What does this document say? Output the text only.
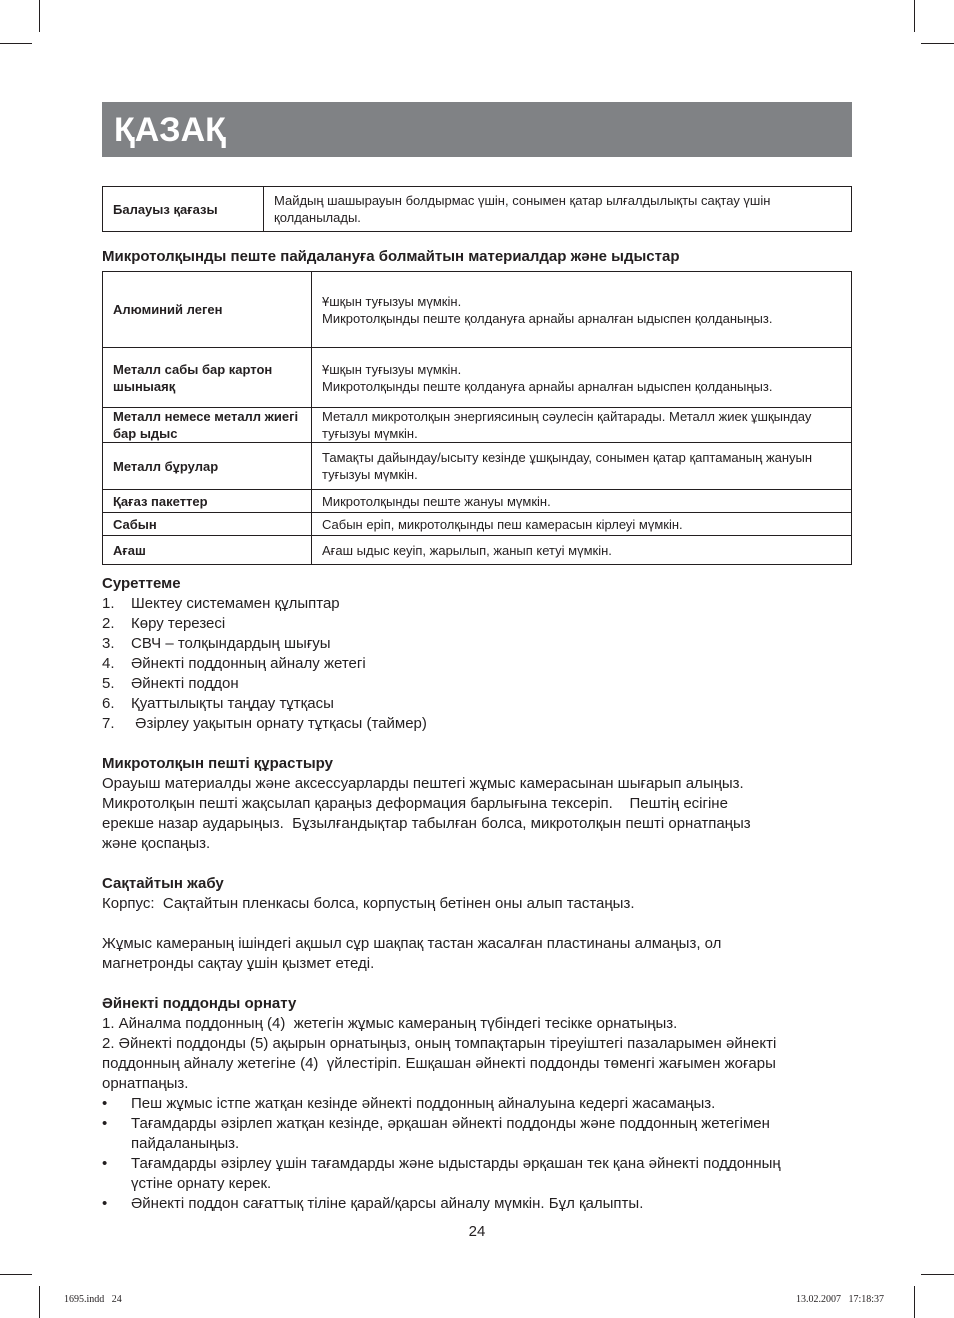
ҚАЗАҚ
Балауыз қағазы	Майдың шашырауын болдырмас үшін, сонымен қатар ылғалдылықты сақтау үшін қолданылады.
Микротолқынды пеште пайдалануға болмайтын материалдар және ыдыстар
Алюминий леген	Ұшқын туғызуы мүмкін.
Микротолқынды пеште қолдануға арнайы арналған ыдыспен қолданыңыз.

Металл сабы бар картон шыныаяқ	Ұшқын туғызуы мүмкін.
Микротолқынды пеште қолдануға арнайы арналған ыдыспен қолданыңыз.

Металл немесе металл жиегі бар ыдыс	Металл микротолқын энергиясиның сәулесін қайтарады. Металл жиек ұшқындау туғызуы мүмкін.
Металл бұрулар	Тамақты дайындау/ысыту кезінде ұшқындау, сонымен қатар қаптаманың жануын туғызуы мүмкін.
Қағаз пакеттер	Микротолқынды пеште жануы мүмкін.
Сабын	Сабын еріп, микротолқынды пеш камерасын кірлеуі мүмкін.
Ағаш	Ағаш ыдыс кеуіп, жарылып, жанып кетуі мүмкін.
Суреттеме
1.	Шектеу системамен құлыптар
2.	Көру терезесі
3.	СВЧ – толқындардың шығуы
4.	Әйнекті поддонның айналу жетегі
5.	Әйнекті поддон
6.	Қуаттылықты таңдау тұтқасы
7.	Әзірлеу уақытын орнату тұтқасы (таймер)
Микротолқын пешті құрастыру
Орауыш материалды және аксессуарларды пештегі жұмыс камерасынан шығарып алыңыз.
Микротолқын пешті жақсылап қараңыз деформация барлығына тексеріп.    Пештің есігіне
ерекше назар аударыңыз.  Бұзылғандықтар табылған болса, микротолқын пешті орнатпаңыз
және қоспаңыз.
Сақтайтын жабу
Корпус:  Сақтайтын пленкасы болса, корпустың бетінен оны алып тастаңыз.
Жұмыс камераның ішіндегі ақшыл сұр шақпақ тастан жасалған пластинаны алмаңыз, ол
магнетронды сақтау ұшін қызмет етеді.
Әйнекті поддонды орнату
1. Айналма поддонның (4)  жетегін жұмыс камераның түбіндегі тесікке орнатыңыз.
2. Әйнекті поддонды (5) ақырын орнатыңыз, оның томпақтарын тіреуіштегі пазаларымен әйнекті
поддонның айналу жетегіне (4)  үйлестіріп. Ешқашан әйнекті поддонды төменгі жағымен жоғары
орнатпаңыз.
•	Пеш жұмыс істпе жатқан кезінде әйнекті поддонның айналуына кедергі жасамаңыз.
•	Тағамдарды әзірлеп жатқан кезінде, әрқашан әйнекті поддонды және поддонның жетегімен
пайдаланыңыз.
•	Тағамдарды әзірлеу ұшін тағамдарды және ыдыстарды әрқашан тек қана әйнекті поддонның
үстіне орнату керек.
•	Әйнекті поддон сағаттық тіліне қарай/қарсы айналу мүмкін. Бұл қалыпты.
24
1695.indd   24	13.02.2007   17:18:37
